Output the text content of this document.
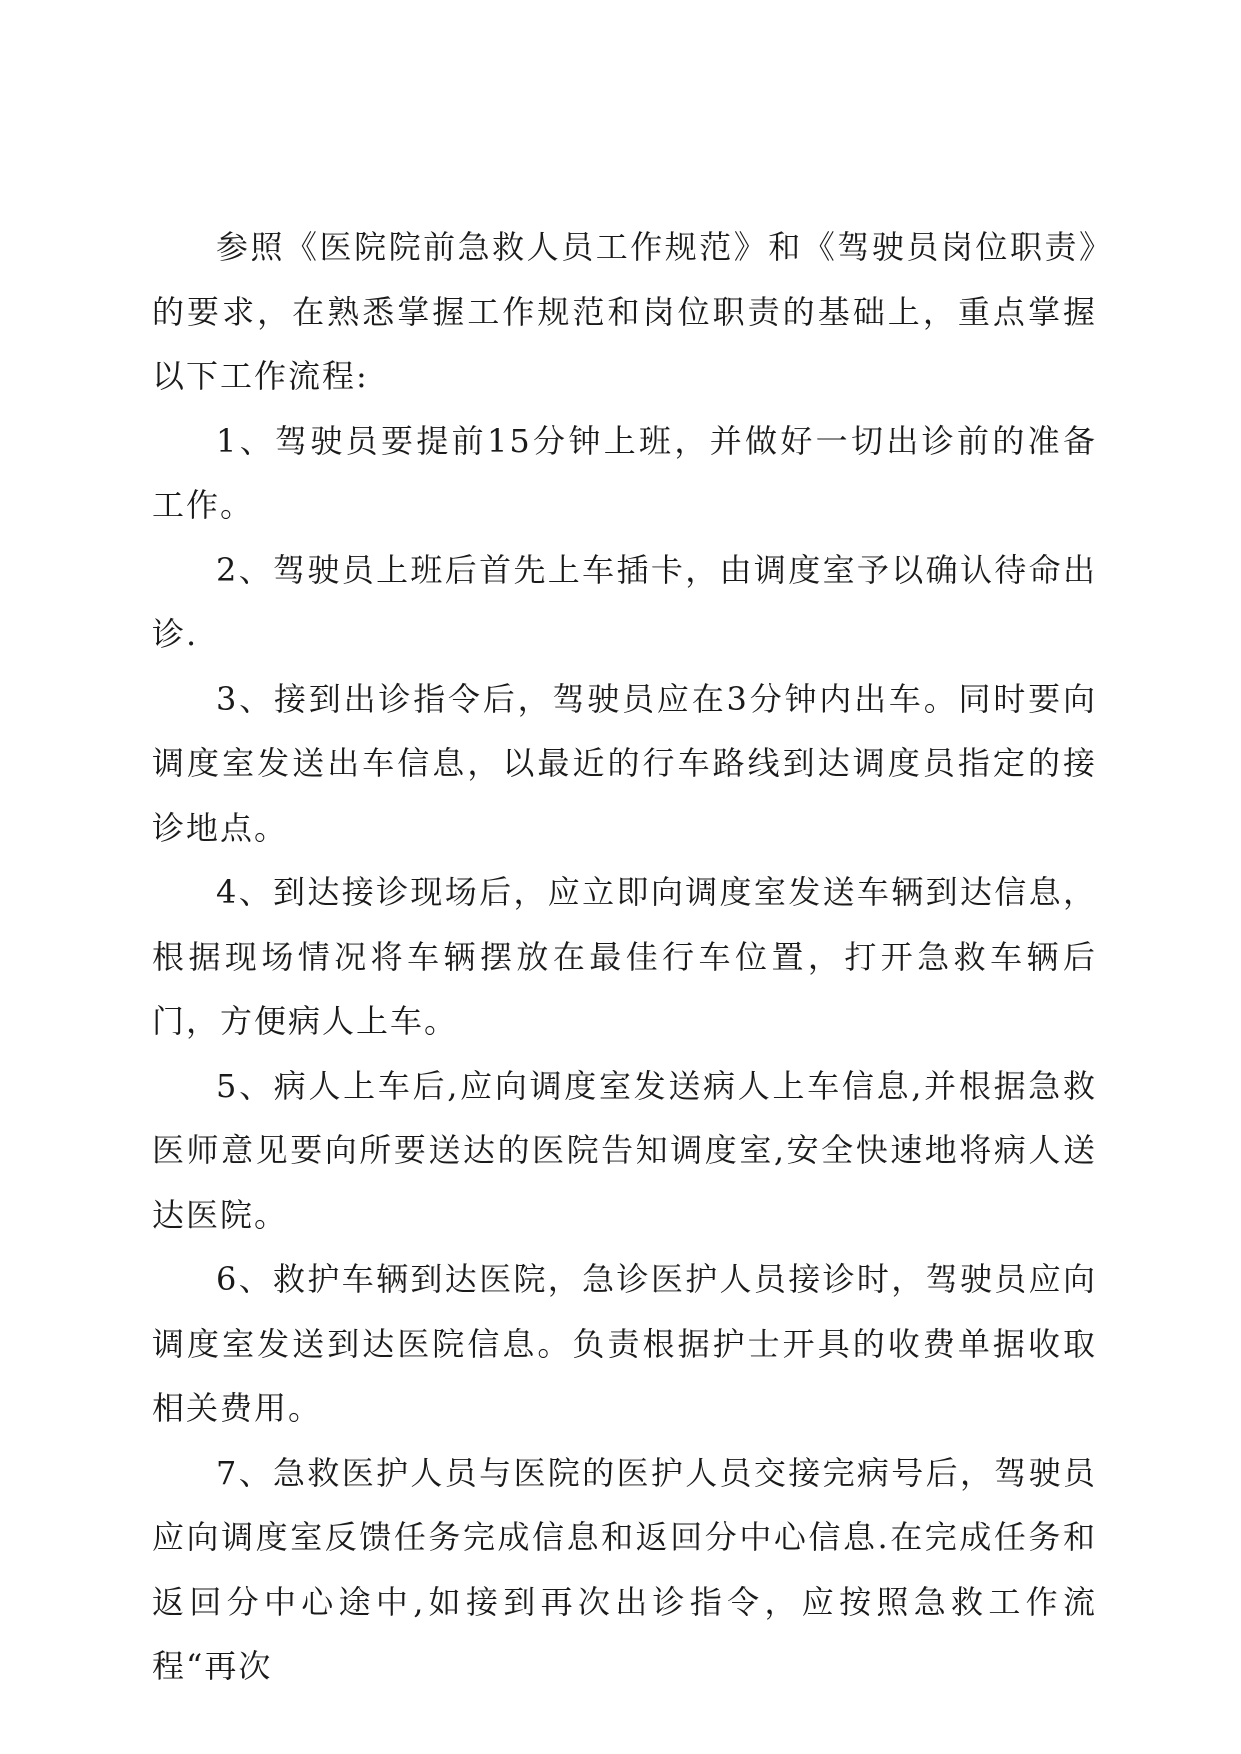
参照《医院院前急救人员工作规范》和《驾驶员岗位职责》的要求，在熟悉掌握工作规范和岗位职责的基础上，重点掌握以下工作流程:

1、驾驶员要提前15分钟上班，并做好一切出诊前的准备工作。

2、驾驶员上班后首先上车插卡，由调度室予以确认待命出诊.

3、接到出诊指令后，驾驶员应在3分钟内出车。同时要向调度室发送出车信息，以最近的行车路线到达调度员指定的接诊地点。

4、到达接诊现场后，应立即向调度室发送车辆到达信息，根据现场情况将车辆摆放在最佳行车位置，打开急救车辆后门，方便病人上车。

5、病人上车后,应向调度室发送病人上车信息,并根据急救医师意见要向所要送达的医院告知调度室,安全快速地将病人送达医院。

6、救护车辆到达医院，急诊医护人员接诊时，驾驶员应向调度室发送到达医院信息。负责根据护士开具的收费单据收取相关费用。

7、急救医护人员与医院的医护人员交接完病号后，驾驶员应向调度室反馈任务完成信息和返回分中心信息.在完成任务和返回分中心途中,如接到再次出诊指令，应按照急救工作流程“再次
